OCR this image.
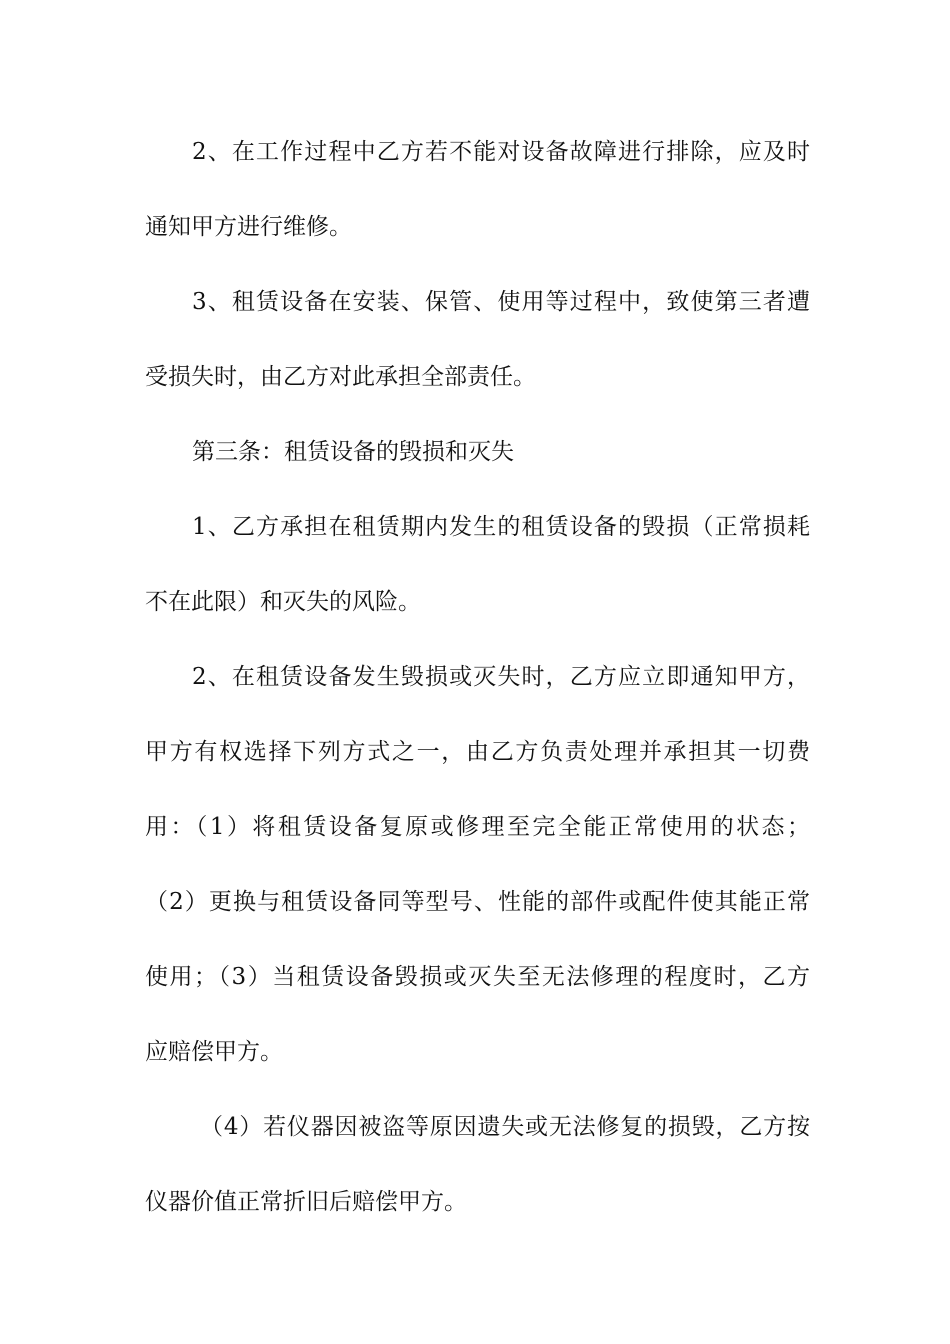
2、在工作过程中乙方若不能对设备故障进行排除，应及时
通知甲方进行维修。
3、租赁设备在安装、保管、使用等过程中，致使第三者遭
受损失时，由乙方对此承担全部责任。
第三条：租赁设备的毁损和灭失
1、乙方承担在租赁期内发生的租赁设备的毁损（正常损耗
不在此限）和灭失的风险。
2、在租赁设备发生毁损或灭失时，乙方应立即通知甲方，
甲方有权选择下列方式之一，由乙方负责处理并承担其一切费
用：（1）将租赁设备复原或修理至完全能正常使用的状态；
（2）更换与租赁设备同等型号、性能的部件或配件使其能正常
使用；（3）当租赁设备毁损或灭失至无法修理的程度时，乙方
应赔偿甲方。
（4）若仪器因被盗等原因遗失或无法修复的损毁，乙方按
仪器价值正常折旧后赔偿甲方。
